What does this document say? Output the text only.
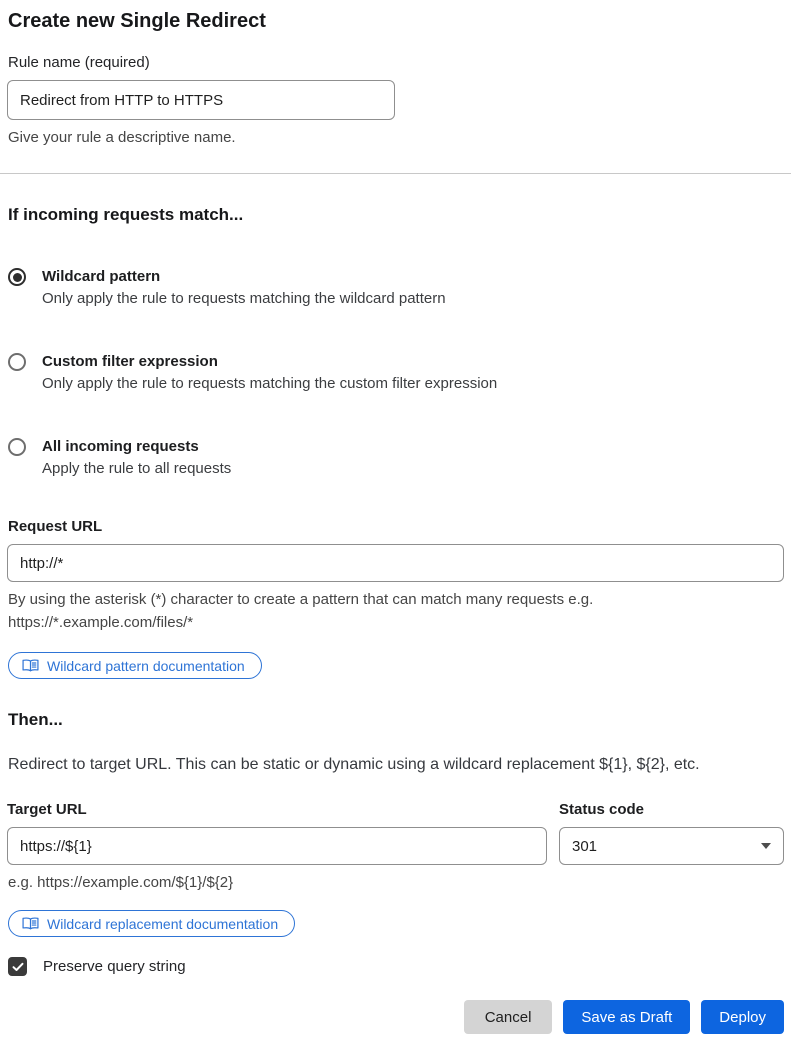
Create new Single Redirect
Rule name (required)
Redirect from HTTP to HTTPS
Give your rule a descriptive name.
If incoming requests match...
Wildcard pattern
Only apply the rule to requests matching the wildcard pattern
Custom filter expression
Only apply the rule to requests matching the custom filter expression
All incoming requests
Apply the rule to all requests
Request URL
http://*
By using the asterisk (*) character to create a pattern that can match many requests e.g.
https://*.example.com/files/*
Wildcard pattern documentation
Then...

Redirect to target URL. This can be static or dynamic using a wildcard replacement ${1}, ${2}, etc.

Target URL
https://${1}	Status code
301
e.g. https://example.com/${1}/${2}
Wildcard replacement documentation
Preserve query string
Cancel	Save as Draft	Deploy
